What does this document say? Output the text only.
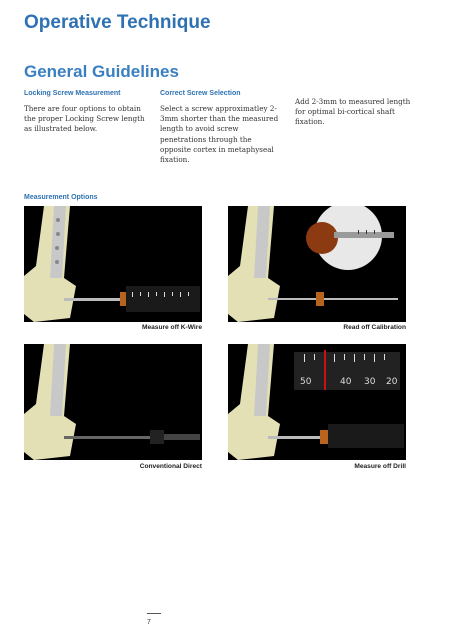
Operative Technique
General Guidelines
Locking Screw Measurement

There are four options to obtain the proper Locking Screw length as illustrated below.

Correct Screw Selection

Select a screw approximatley 2-3mm shorter than the measured length to avoid screw penetrations through the opposite cortex in metaphyseal fixation.

Add 2-3mm to measured length for optimal bi-cortical shaft fixation.

Measurement Options
Measure off K-Wire	Read off Calibration
Conventional Direct
20
30
40
50
Measure off Drill
7
